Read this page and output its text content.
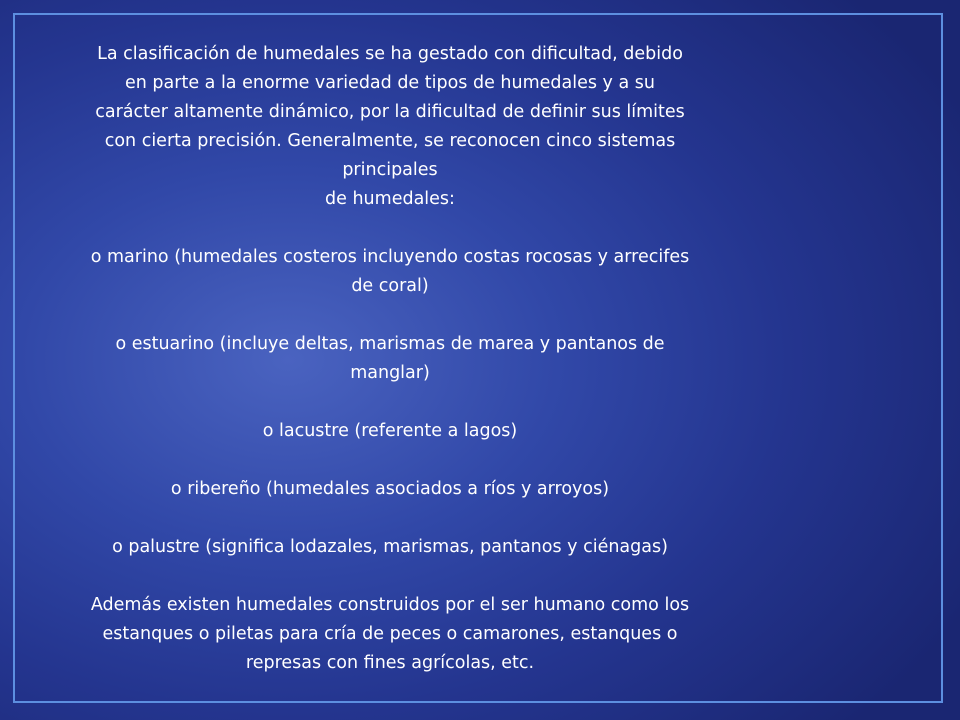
La clasificación de humedales se ha gestado con dificultad, debido

en parte a la enorme variedad de tipos de humedales y a su

carácter altamente dinámico, por la dificultad de definir sus límites

con cierta precisión. Generalmente, se reconocen cinco sistemas

principales

de humedales:

o marino (humedales costeros incluyendo costas rocosas y arrecifes

de coral)

o estuarino (incluye deltas, marismas de marea y pantanos de

manglar)

o lacustre (referente a lagos)

o ribereño (humedales asociados a ríos y arroyos)

o palustre (significa lodazales, marismas, pantanos y ciénagas)

Además existen humedales construidos por el ser humano como los

estanques o piletas para cría de peces o camarones, estanques o

represas con fines agrícolas, etc.
